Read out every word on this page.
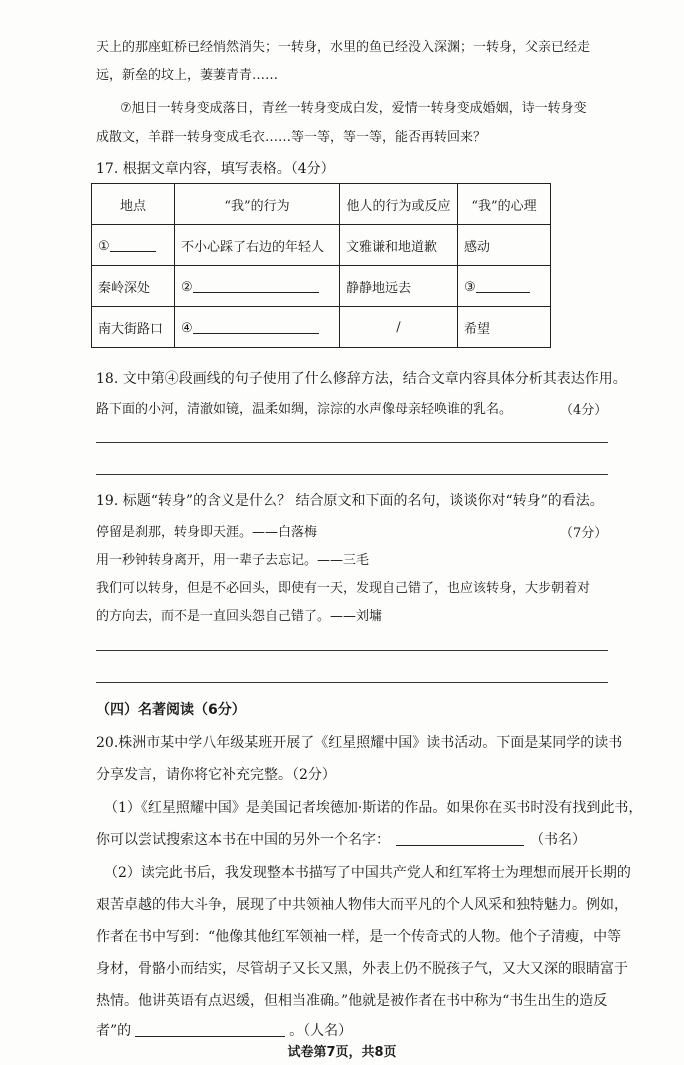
天上的那座虹桥已经悄然消失；一转身，水里的鱼已经没入深渊；一转身，父亲已经走
远，新垒的坟上，萋萋青青……
⑦旭日一转身变成落日，青丝一转身变成白发，爱情一转身变成婚姻，诗一转身变
成散文，羊群一转身变成毛衣……等一等，等一等，能否再转回来？
17. 根据文章内容，填写表格。（4分）
地点	“我”的行为	他人的行为或反应	“我”的心理
①	不小心踩了右边的年轻人	文雅谦和地道歉	感动
秦岭深处	②	静静地远去	③
南大街路口	④	/	希望
18. 文中第④段画线的句子使用了什么修辞方法，结合文章内容具体分析其表达作用。
路下面的小河，清澈如镜，温柔如绸，淙淙的水声像母亲轻唤谁的乳名。	（4分）
19. 标题“转身”的含义是什么？ 结合原文和下面的名句，谈谈你对“转身”的看法。
停留是刹那，转身即天涯。——白落梅	（7分）
用一秒钟转身离开，用一辈子去忘记。——三毛
我们可以转身，但是不必回头，即使有一天，发现自己错了，也应该转身，大步朝着对
的方向去，而不是一直回头怨自己错了。——刘墉
（四）名著阅读（6分）
20.株洲市某中学八年级某班开展了《红星照耀中国》读书活动。下面是某同学的读书
分享发言，请你将它补充完整。（2分）
（1）《红星照耀中国》是美国记者埃德加·斯诺的作品。如果你在买书时没有找到此书，
你可以尝试搜索这本书在中国的另外一个名字：	（书名）
（2）读完此书后，我发现整本书描写了中国共产党人和红军将士为理想而展开长期的
艰苦卓越的伟大斗争，展现了中共领袖人物伟大而平凡的个人风采和独特魅力。例如，
作者在书中写到：“他像其他红军领袖一样，是一个传奇式的人物。他个子清瘦，中等
身材，骨骼小而结实，尽管胡子又长又黑，外表上仍不脱孩子气，又大又深的眼睛富于
热情。他讲英语有点迟缓，但相当准确。”他就是被作者在书中称为“书生出生的造反
者”的	。（人名）
试卷第7页，共8页
